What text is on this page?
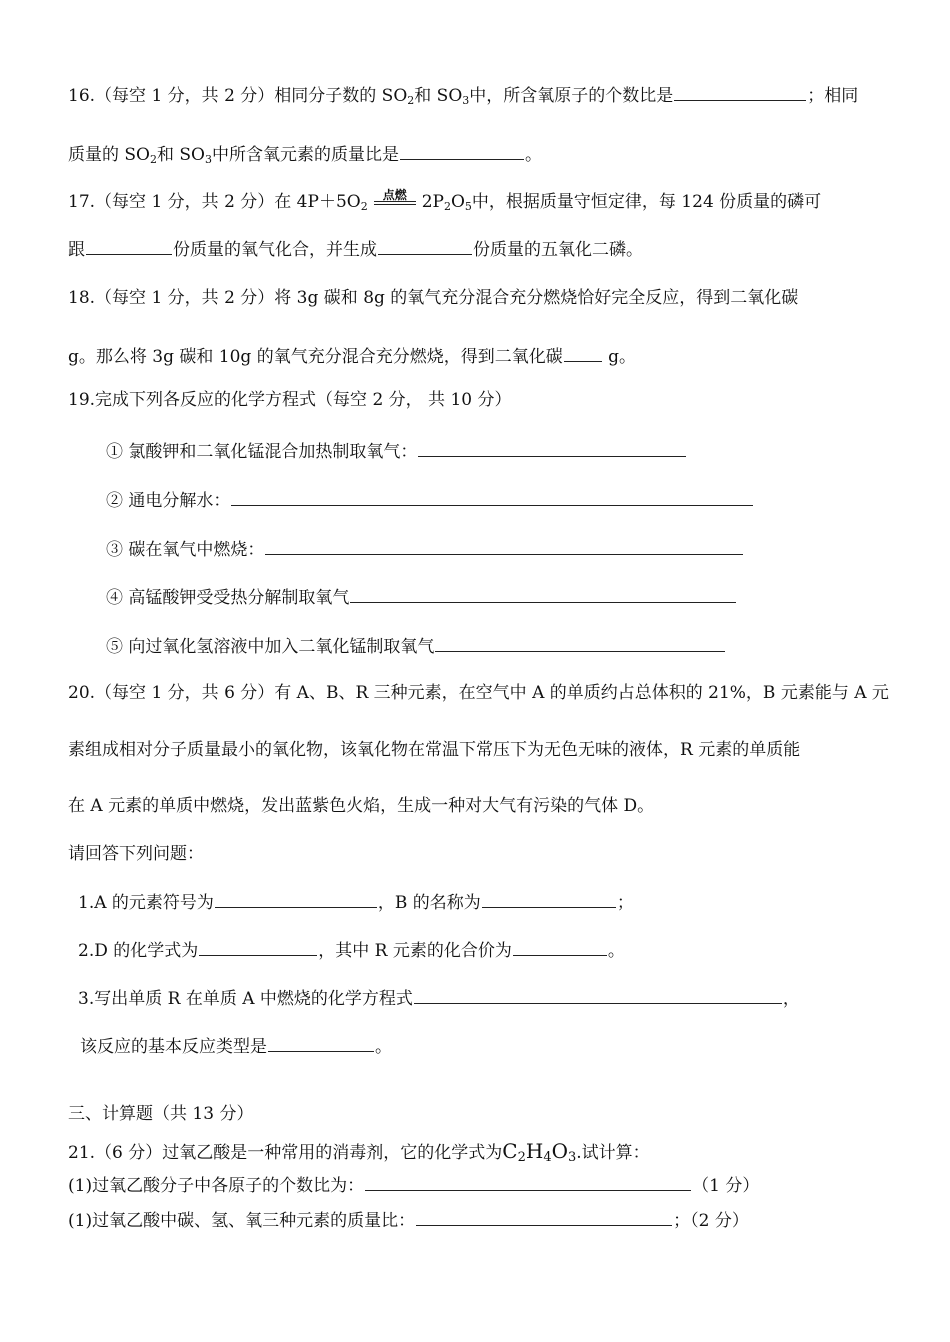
16.（每空 1 分，共 2 分）相同分子数的 $SO_2$和 $SO_3$中，所含氧原子的个数比是	；相同
质量的 $SO_2$和 $SO_3$中所含氧元素的质量比是	。
17.（每空 1 分，共 2 分）在 $4P+5O_2$
点燃 $2P_2O_5$中，根据质量守恒定律，每 124 份质量的磷可
跟	份质量的氧气化合，并生成	份质量的五氧化二磷。
18.（每空 1 分，共 2 分）将 3g 碳和 8g 的氧气充分混合充分燃烧恰好完全反应，得到二氧化碳
g。那么将 3g 碳和 10g 的氧气充分混合充分燃烧，得到二氧化碳 g。
19.完成下列各反应的化学方程式（每空 2 分， 共 10 分）
① 氯酸钾和二氧化锰混合加热制取氧气：
② 通电分解水：
③ 碳在氧气中燃烧：
④ 高锰酸钾受受热分解制取氧气
⑤ 向过氧化氢溶液中加入二氧化锰制取氧气
20.（每空 1 分，共 6 分）有 A、B、R 三种元素，在空气中 A 的单质约占总体积的 21%，B 元素能与 A 元
素组成相对分子质量最小的氧化物，该氧化物在常温下常压下为无色无味的液体，R 元素的单质能
在 A 元素的单质中燃烧，发出蓝紫色火焰，生成一种对大气有污染的气体 D。
请回答下列问题：
1.A 的元素符号为	，B 的名称为	；
2.D 的化学式为	，其中 R 元素的化合价为	。
3.写出单质 R 在单质 A 中燃烧的化学方程式	，
该反应的基本反应类型是	。
三、计算题（共 13 分）
21.（6 分）过氧乙酸是一种常用的消毒剂，它的化学式为$C_2H_4O_3$.试计算：
(1)过氧乙酸分子中各原子的个数比为：	（1 分）
(1)过氧乙酸中碳、氢、氧三种元素的质量比：	；（2 分）
